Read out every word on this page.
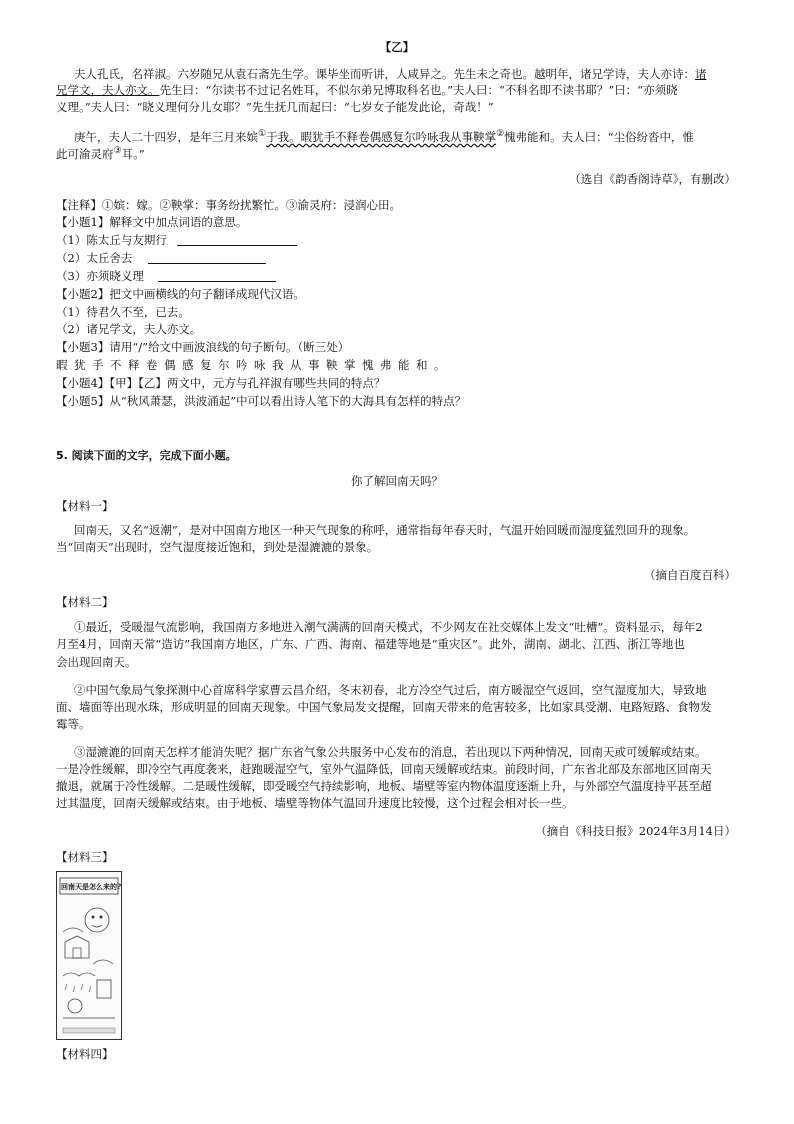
【乙】
夫人孔氏，名祥淑。六岁随兄从袁石斋先生学。课毕坐而听讲，人咸异之。先生未之奇也。越明年，诸兄学诗，夫人亦诗：诸
兄学文，夫人亦文。先生曰：“尔读书不过记名姓耳，不似尔弟兄博取科名也。”夫人曰：“不科名即不读书耶？”曰：“亦须晓
义理。”夫人曰：“晓义理何分儿女耶？”先生抚几而起曰：“七岁女子能发此论，奇哉！”
庚午，夫人二十四岁，是年三月来嫔①于我。暇犹手不释卷偶感复尔吟咏我从事鞅掌②愧弗能和。夫人曰：“尘俗纷沓中，惟
此可渝灵府③耳。”
（选自《韵香阁诗草》，有删改）
【注释】①嫔：嫁。②鞅掌：事务纷扰繁忙。③渝灵府：浸润心田。
【小题1】解释文中加点词语的意思。
（1）陈太丘与友期行
（2）太丘舍去
（3）亦须晓义理
【小题2】把文中画横线的句子翻译成现代汉语。
（1）待君久不至，已去。
（2）诸兄学文，夫人亦文。
【小题3】请用“/”给文中画波浪线的句子断句。（断三处）
暇犹手不释卷偶感复尔吟咏我从事鞅掌愧弗能和。
【小题4】【甲】【乙】两文中，元方与孔祥淑有哪些共同的特点？
【小题5】从“秋风萧瑟，洪波涌起”中可以看出诗人笔下的大海具有怎样的特点？
5. 阅读下面的文字，完成下面小题。
你了解回南天吗？
【材料一】
回南天，又名“返潮”，是对中国南方地区一种天气现象的称呼，通常指每年春天时，气温开始回暖而湿度猛烈回升的现象。
当“回南天”出现时，空气湿度接近饱和，到处是湿漉漉的景象。
（摘自百度百科）
【材料二】
①最近，受暖湿气流影响，我国南方多地进入潮气满满的回南天模式，不少网友在社交媒体上发文“吐槽”。资料显示，每年2
月至4月，回南天常“造访”我国南方地区，广东、广西、海南、福建等地是“重灾区”。此外，湖南、湖北、江西、浙江等地也
会出现回南天。
②中国气象局气象探测中心首席科学家曹云昌介绍，冬末初春，北方冷空气过后，南方暖湿空气返回，空气湿度加大，导致地
面、墙面等出现水珠，形成明显的回南天现象。中国气象局发文提醒，回南天带来的危害较多，比如家具受潮、电路短路、食物发
霉等。
③湿漉漉的回南天怎样才能消失呢？据广东省气象公共服务中心发布的消息，若出现以下两种情况，回南天或可缓解或结束。
一是冷性缓解，即冷空气再度袭来，赶跑暖湿空气，室外气温降低，回南天缓解或结束。前段时间，广东省北部及东部地区回南天
撤退，就属于冷性缓解。二是暖性缓解，即受暖空气持续影响，地板、墙壁等室内物体温度逐渐上升，与外部空气温度持平甚至超
过其温度，回南天缓解或结束。由于地板、墙壁等物体气温回升速度比较慢，这个过程会相对长一些。
（摘自《科技日报》2024年3月14日）
【材料三】
回南天是怎么来的?
【材料四】
